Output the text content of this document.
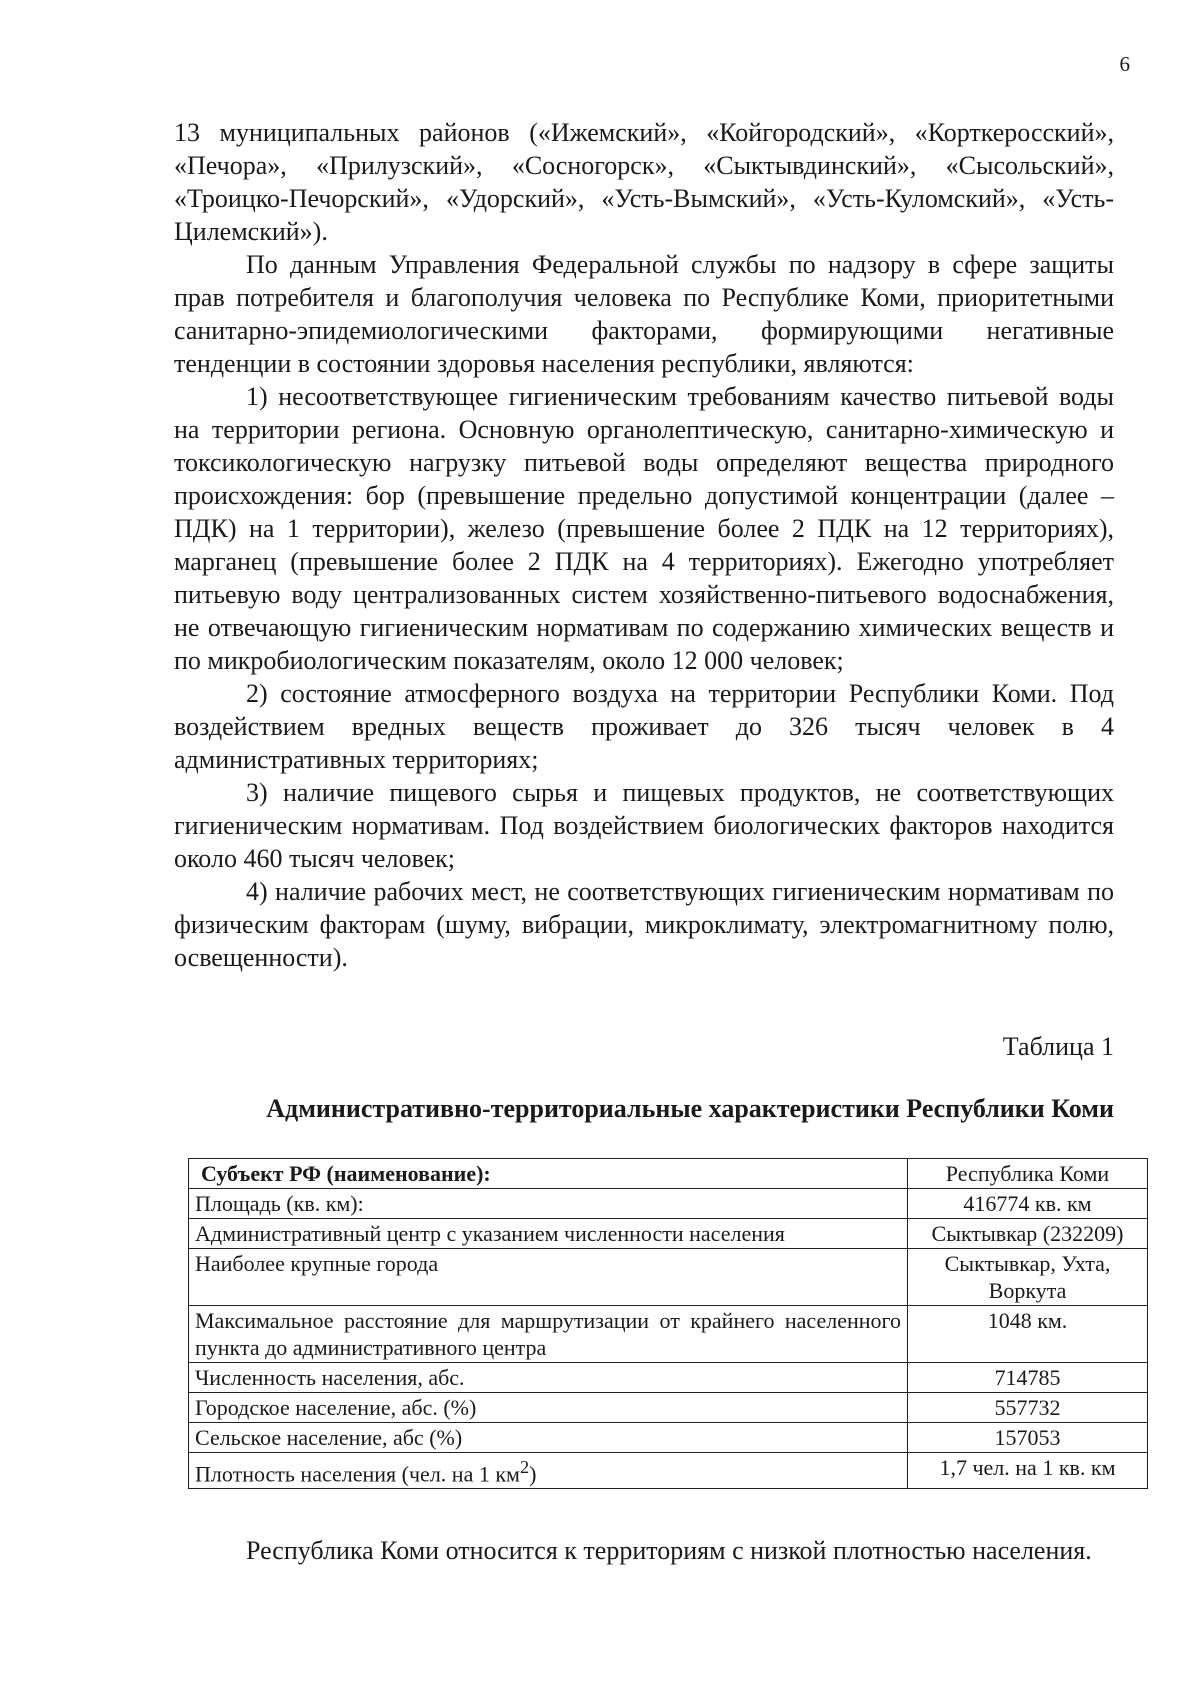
6

13 муниципальных районов («Ижемский», «Койгородский», «Корткеросский», «Печора», «Прилузский», «Сосногорск», «Сыктывдинский», «Сысольский», «Троицко-Печорский», «Удорский», «Усть-Вымский», «Усть-Куломский», «Усть-Цилемский»).

По данным Управления Федеральной службы по надзору в сфере защиты прав потребителя и благополучия человека по Республике Коми, приоритетными санитарно-эпидемиологическими факторами, формирующими негативные тенденции в состоянии здоровья населения республики, являются:

1) несоответствующее гигиеническим требованиям качество питьевой воды на территории региона. Основную органолептическую, санитарно-химическую и токсикологическую нагрузку питьевой воды определяют вещества природного происхождения: бор (превышение предельно допустимой концентрации (далее – ПДК) на 1 территории), железо (превышение более 2 ПДК на 12 территориях), марганец (превышение более 2 ПДК на 4 территориях). Ежегодно употребляет питьевую воду централизованных систем хозяйственно-питьевого водоснабжения, не отвечающую гигиеническим нормативам по содержанию химических веществ и по микробиологическим показателям, около 12 000 человек;

2) состояние атмосферного воздуха на территории Республики Коми. Под воздействием вредных веществ проживает до 326 тысяч человек в 4 административных территориях;

3) наличие пищевого сырья и пищевых продуктов, не соответствующих гигиеническим нормативам. Под воздействием биологических факторов находится около 460 тысяч человек;

4) наличие рабочих мест, не соответствующих гигиеническим нормативам по физическим факторам (шуму, вибрации, микроклимату, электромагнитному полю, освещенности).

Таблица 1
Административно-территориальные характеристики Республики Коми
Субъект РФ (наименование):	Республика Коми
Площадь (кв. км):	416774 кв. км
Административный центр с указанием численности населения	Сыктывкар (232209)
Наиболее крупные города	Сыктывкар, Ухта, Воркута
Максимальное расстояние для маршрутизации от крайнего населенного пункта до административного центра	1048 км.
Численность населения, абс.	714785
Городское население, абс. (%)	557732
Сельское население, абс (%)	157053
Плотность населения (чел. на 1 $км^2$)	1,7 чел. на 1 кв. км

Республика Коми относится к территориям с низкой плотностью населения.
